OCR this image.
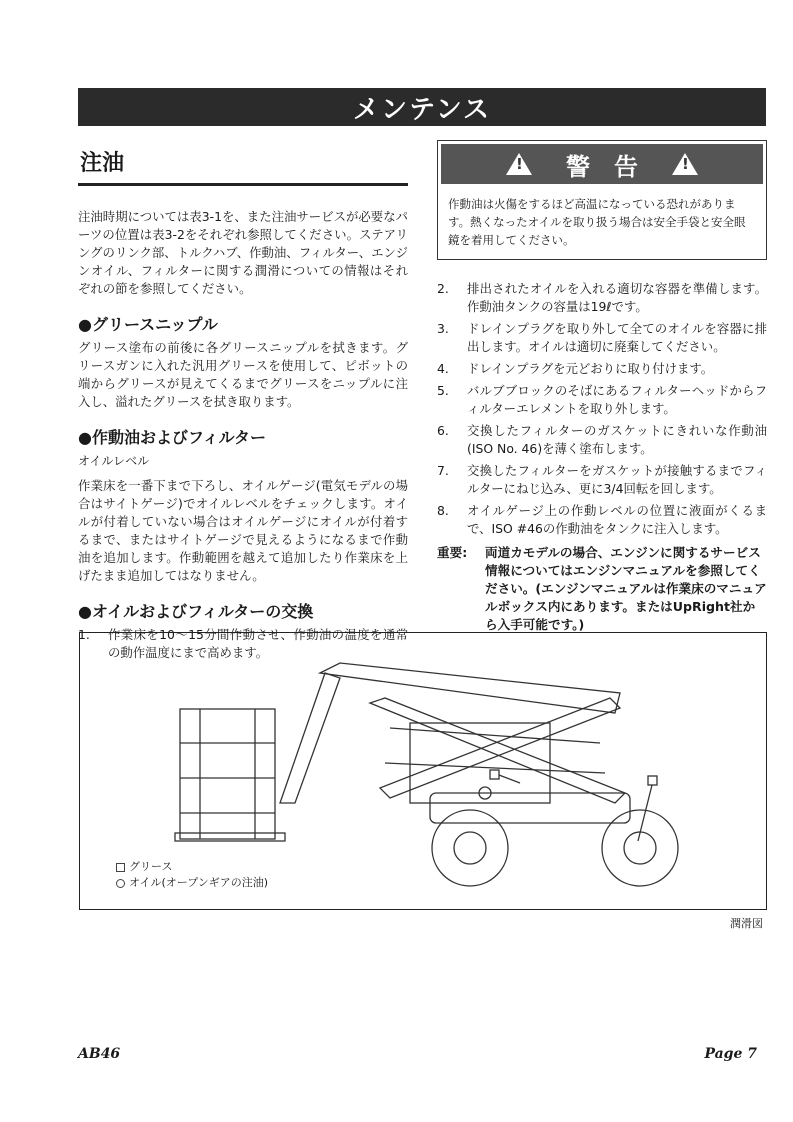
メンテンス
注油

注油時期については表3-1を、また注油サービスが必要なパーツの位置は表3-2をそれぞれ参照してください。ステアリングのリンク部、トルクハブ、作動油、フィルター、エンジンオイル、フィルターに関する潤滑についての情報はそれぞれの節を参照してください。

●グリースニップル

グリース塗布の前後に各グリースニップルを拭きます。グリースガンに入れた汎用グリースを使用して、ピボットの端からグリースが見えてくるまでグリースをニップルに注入し、溢れたグリースを拭き取ります。

●作動油およびフィルター

オイルレベル

作業床を一番下まで下ろし、オイルゲージ(電気モデルの場合はサイトゲージ)でオイルレベルをチェックします。オイルが付着していない場合はオイルゲージにオイルが付着するまで、またはサイトゲージで見えるようになるまで作動油を追加します。作動範囲を越えて追加したり作業床を上げたまま追加してはなりません。

●オイルおよびフィルターの交換
1.	作業床を10〜15分間作動させ、作動油の温度を通常の動作温度にまで高めます。
!
警　告
!
作動油は火傷をするほど高温になっている恐れがあります。熱くなったオイルを取り扱う場合は安全手袋と安全眼鏡を着用してください。
2.	排出されたオイルを入れる適切な容器を準備します。作動油タンクの容量は19ℓです。
3.	ドレインプラグを取り外して全てのオイルを容器に排出します。オイルは適切に廃棄してください。
4.	ドレインプラグを元どおりに取り付けます。
5.	バルブブロックのそばにあるフィルターヘッドからフィルターエレメントを取り外します。
6.	交換したフィルターのガスケットにきれいな作動油(ISO No. 46)を薄く塗布します。
7.	交換したフィルターをガスケットが接触するまでフィルターにねじ込み、更に3/4回転を回します。
8.	オイルゲージ上の作動レベルの位置に液面がくるまで、ISO #46の作動油をタンクに注入します。
重要:	両道カモデルの場合、エンジンに関するサービス情報についてはエンジンマニュアルを参照してください。(エンジンマニュアルは作業床のマニュアルボックス内にあります。またはUpRight社から入手可能です。)
グリース
オイル(オープンギアの注油)
潤滑図
AB46	Page 7
